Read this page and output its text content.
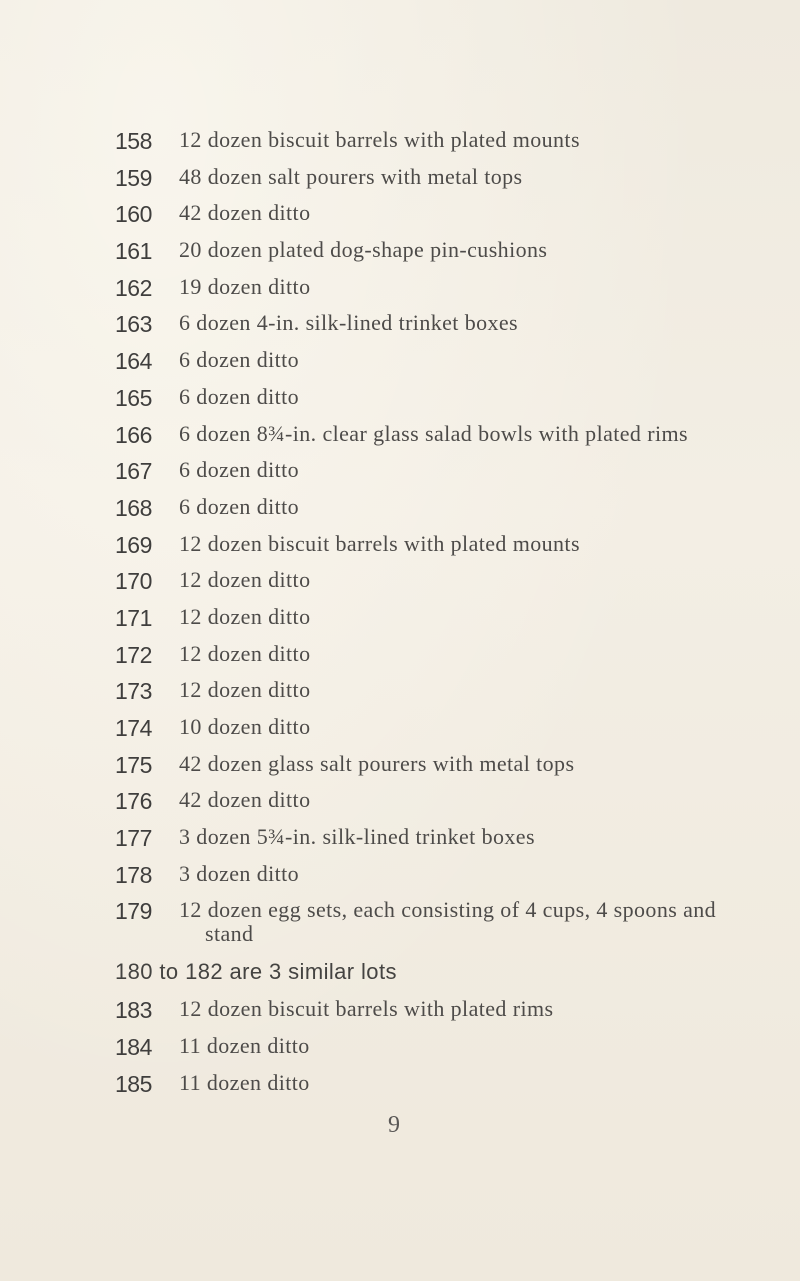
158 12 dozen biscuit barrels with plated mounts
159 48 dozen salt pourers with metal tops
160 42 dozen ditto
161 20 dozen plated dog-shape pin-cushions
162 19 dozen ditto
163 6 dozen 4-in. silk-lined trinket boxes
164 6 dozen ditto
165 6 dozen ditto
166 6 dozen 8¾-in. clear glass salad bowls with plated rims
167 6 dozen ditto
168 6 dozen ditto
169 12 dozen biscuit barrels with plated mounts
170 12 dozen ditto
171 12 dozen ditto
172 12 dozen ditto
173 12 dozen ditto
174 10 dozen ditto
175 42 dozen glass salt pourers with metal tops
176 42 dozen ditto
177 3 dozen 5¾-in. silk-lined trinket boxes
178 3 dozen ditto
179 12 dozen egg sets, each consisting of 4 cups, 4 spoons and
stand
180 to 182 are 3 similar lots
183 12 dozen biscuit barrels with plated rims
184 11 dozen ditto
185 11 dozen ditto
9
